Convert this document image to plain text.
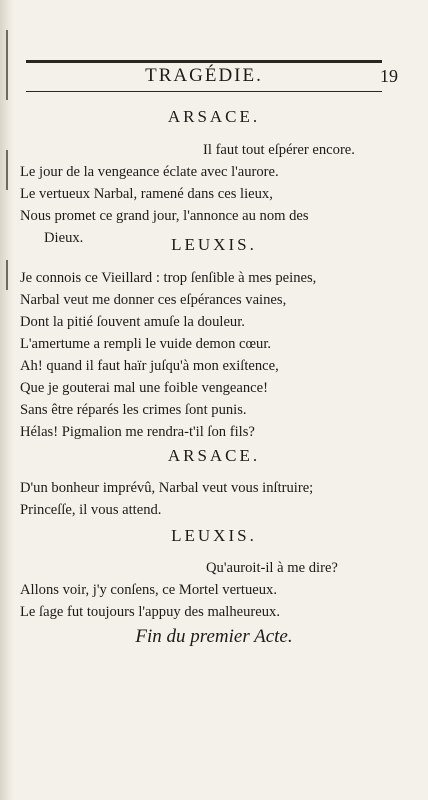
TRAGÉDIE.	19
ARSACE.
Il faut tout eſpérer encore.
Le jour de la vengeance éclate avec l'aurore.
Le vertueux Narbal, ramené dans ces lieux,
Nous promet ce grand jour, l'annonce au nom des
Dieux.	LEUXIS.
Je connois ce Vieillard : trop ſenſible à mes peines,
Narbal veut me donner ces eſpérances vaines,
Dont la pitié ſouvent amuſe la douleur.
L'amertume a rempli le vuide demon cœur.
Ah! quand il faut haïr juſqu'à mon exiſtence,
Que je gouterai mal une foible vengeance!
Sans être réparés les crimes ſont punis.
Hélas! Pigmalion me rendra-t'il ſon fils?
ARSACE.
D'un bonheur imprévû, Narbal veut vous inſtruire;
Princeſſe, il vous attend.
LEUXIS.
Qu'auroit-il à me dire?
Allons voir, j'y conſens, ce Mortel vertueux.
Le ſage fut toujours l'appuy des malheureux.
Fin du premier Acte.
